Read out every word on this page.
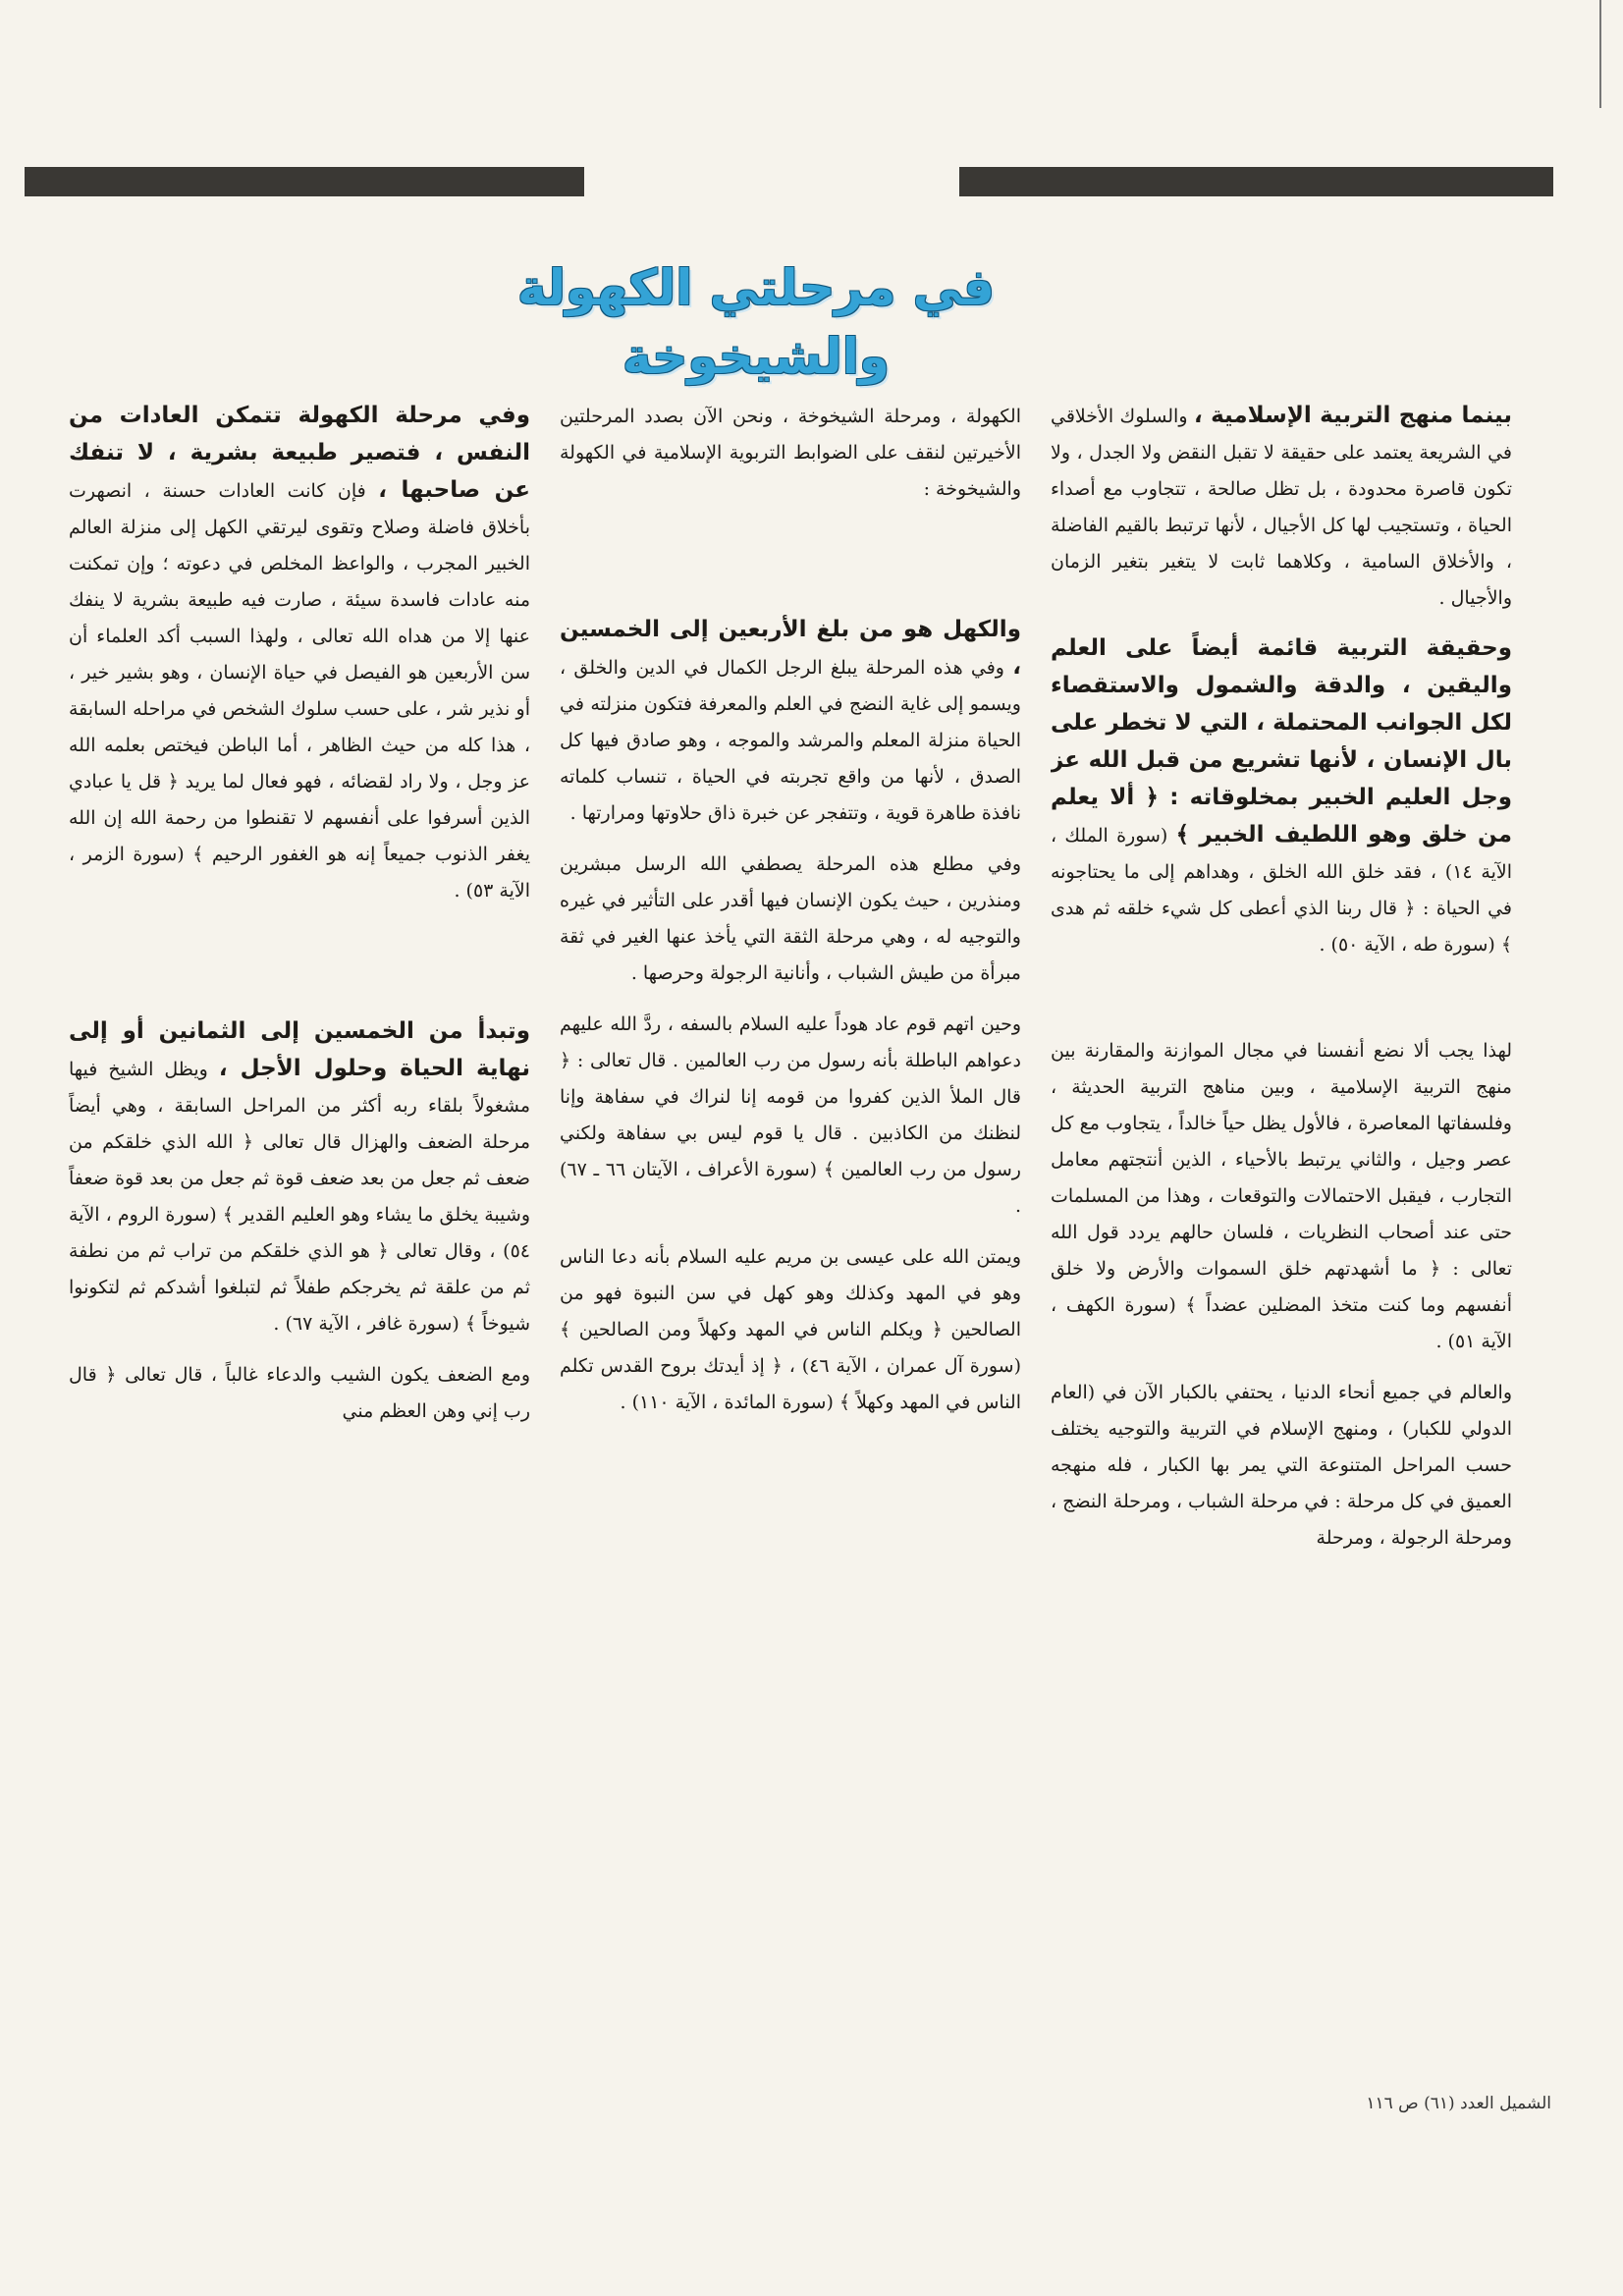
في مرحلتي الكهولة والشيخوخة

بينما منهج التربية الإسلامية ، والسلوك الأخلاقي في الشريعة يعتمد على حقيقة لا تقبل النقض ولا الجدل ، ولا تكون قاصرة محدودة ، بل تظل صالحة ، تتجاوب مع أصداء الحياة ، وتستجيب لها كل الأجيال ، لأنها ترتبط بالقيم الفاضلة ، والأخلاق السامية ، وكلاهما ثابت لا يتغير بتغير الزمان والأجيال .

وحقيقة التربية قائمة أيضاً على العلم واليقين ، والدقة والشمول والاستقصاء لكل الجوانب المحتملة ، التي لا تخطر على بال الإنسان ، لأنها تشريع من قبل الله عز وجل العليم الخبير بمخلوقاته : ﴿ ألا يعلم من خلق وهو اللطيف الخبير ﴾ (سورة الملك ، الآية ١٤) ، فقد خلق الله الخلق ، وهداهم إلى ما يحتاجونه في الحياة : ﴿ قال ربنا الذي أعطى كل شيء خلقه ثم هدى ﴾ (سورة طه ، الآية ٥٠) .

لهذا يجب ألا نضع أنفسنا في مجال الموازنة والمقارنة بين منهج التربية الإسلامية ، وبين مناهج التربية الحديثة ، وفلسفاتها المعاصرة ، فالأول يظل حياً خالداً ، يتجاوب مع كل عصر وجيل ، والثاني يرتبط بالأحياء ، الذين أنتجتهم معامل التجارب ، فيقبل الاحتمالات والتوقعات ، وهذا من المسلمات حتى عند أصحاب النظريات ، فلسان حالهم يردد قول الله تعالى : ﴿ ما أشهدتهم خلق السموات والأرض ولا خلق أنفسهم وما كنت متخذ المضلين عضداً ﴾ (سورة الكهف ، الآية ٥١) .

والعالم في جميع أنحاء الدنيا ، يحتفي بالكبار الآن في (العام الدولي للكبار) ، ومنهج الإسلام في التربية والتوجيه يختلف حسب المراحل المتنوعة التي يمر بها الكبار ، فله منهجه العميق في كل مرحلة : في مرحلة الشباب ، ومرحلة النضج ، ومرحلة الرجولة ، ومرحلة

الكهولة ، ومرحلة الشيخوخة ، ونحن الآن بصدد المرحلتين الأخيرتين لنقف على الضوابط التربوية الإسلامية في الكهولة والشيخوخة :

والكهل هو من بلغ الأربعين إلى الخمسين ، وفي هذه المرحلة يبلغ الرجل الكمال في الدين والخلق ، ويسمو إلى غاية النضج في العلم والمعرفة فتكون منزلته في الحياة منزلة المعلم والمرشد والموجه ، وهو صادق فيها كل الصدق ، لأنها من واقع تجربته في الحياة ، تنساب كلماته نافذة طاهرة قوية ، وتتفجر عن خبرة ذاق حلاوتها ومرارتها .

وفي مطلع هذه المرحلة يصطفي الله الرسل مبشرين ومنذرين ، حيث يكون الإنسان فيها أقدر على التأثير في غيره والتوجيه له ، وهي مرحلة الثقة التي يأخذ عنها الغير في ثقة مبرأة من طيش الشباب ، وأنانية الرجولة وحرصها .

وحين اتهم قوم عاد هوداً عليه السلام بالسفه ، ردَّ الله عليهم دعواهم الباطلة بأنه رسول من رب العالمين . قال تعالى : ﴿ قال الملأ الذين كفروا من قومه إنا لنراك في سفاهة وإنا لنظنك من الكاذبين . قال يا قوم ليس بي سفاهة ولكني رسول من رب العالمين ﴾ (سورة الأعراف ، الآيتان ٦٦ ـ ٦٧) .

ويمتن الله على عيسى بن مريم عليه السلام بأنه دعا الناس وهو في المهد وكذلك وهو كهل في سن النبوة فهو من الصالحين ﴿ ويكلم الناس في المهد وكهلاً ومن الصالحين ﴾ (سورة آل عمران ، الآية ٤٦) ، ﴿ إذ أيدتك بروح القدس تكلم الناس في المهد وكهلاً ﴾ (سورة المائدة ، الآية ١١٠) .

وفي مرحلة الكهولة تتمكن العادات من النفس ، فتصير طبيعة بشرية ، لا تنفك عن صاحبها ، فإن كانت العادات حسنة ، انصهرت بأخلاق فاضلة وصلاح وتقوى ليرتقي الكهل إلى منزلة العالم الخبير المجرب ، والواعظ المخلص في دعوته ؛ وإن تمكنت منه عادات فاسدة سيئة ، صارت فيه طبيعة بشرية لا ينفك عنها إلا من هداه الله تعالى ، ولهذا السبب أكد العلماء أن سن الأربعين هو الفيصل في حياة الإنسان ، وهو بشير خير ، أو نذير شر ، على حسب سلوك الشخص في مراحله السابقة ، هذا كله من حيث الظاهر ، أما الباطن فيختص بعلمه الله عز وجل ، ولا راد لقضائه ، فهو فعال لما يريد ﴿ قل يا عبادي الذين أسرفوا على أنفسهم لا تقنطوا من رحمة الله إن الله يغفر الذنوب جميعاً إنه هو الغفور الرحيم ﴾ (سورة الزمر ، الآية ٥٣) .

وتبدأ من الخمسين إلى الثمانين أو إلى نهاية الحياة وحلول الأجل ، ويظل الشيخ فيها مشغولاً بلقاء ربه أكثر من المراحل السابقة ، وهي أيضاً مرحلة الضعف والهزال قال تعالى ﴿ الله الذي خلقكم من ضعف ثم جعل من بعد ضعف قوة ثم جعل من بعد قوة ضعفاً وشيبة يخلق ما يشاء وهو العليم القدير ﴾ (سورة الروم ، الآية ٥٤) ، وقال تعالى ﴿ هو الذي خلقكم من تراب ثم من نطفة ثم من علقة ثم يخرجكم طفلاً ثم لتبلغوا أشدكم ثم لتكونوا شيوخاً ﴾ (سورة غافر ، الآية ٦٧) .

ومع الضعف يكون الشيب والدعاء غالباً ، قال تعالى ﴿ قال رب إني وهن العظم مني

الشميل العدد (٦١) ص ١١٦
